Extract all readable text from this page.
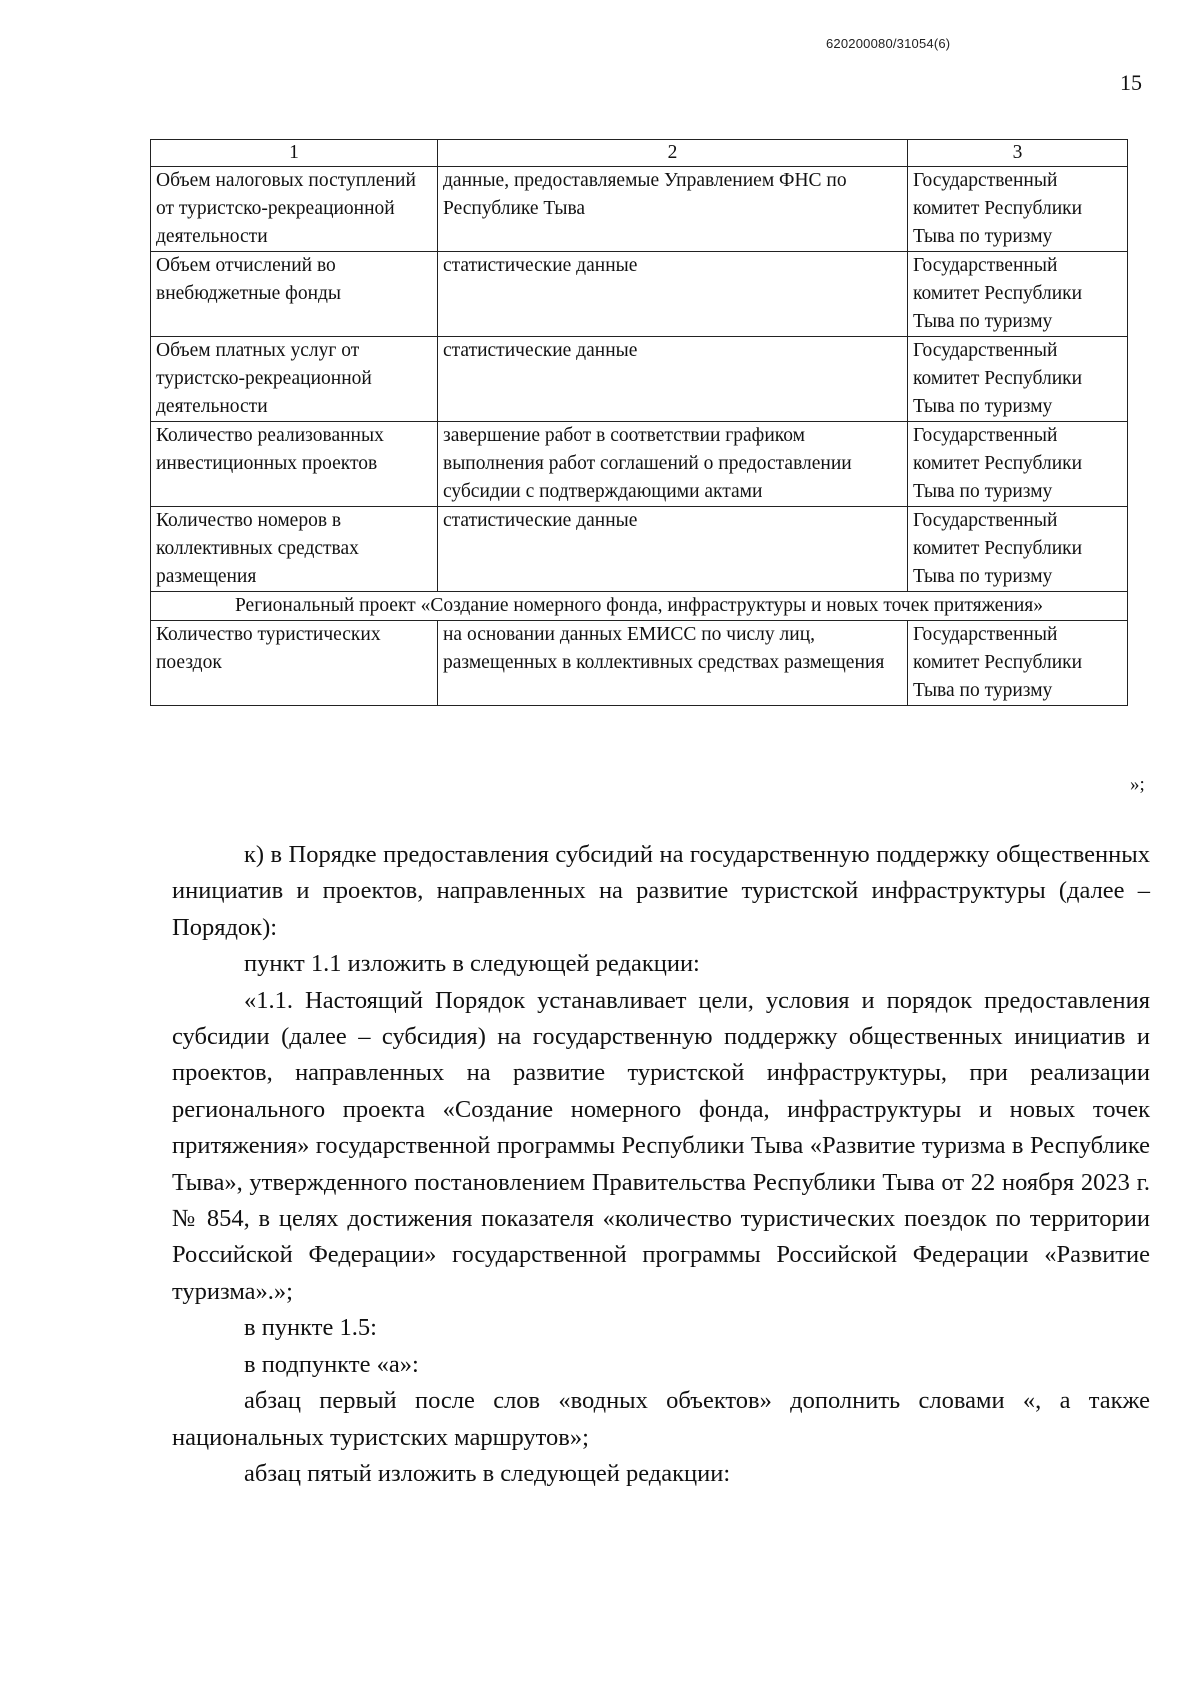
620200080/31054(6)
15
1	2	3
Объем налоговых поступлений от туристско-рекреационной деятельности	данные, предоставляемые Управлением ФНС по Республике Тыва	Государственный комитет Республики Тыва по туризму
Объем отчислений во внебюджетные фонды	статистические данные	Государственный комитет Республики Тыва по туризму
Объем платных услуг от туристско-рекреационной деятельности	статистические данные	Государственный комитет Республики Тыва по туризму
Количество реализованных инвестиционных проектов	завершение работ в соответствии графиком выполнения работ соглашений о предоставлении субсидии с подтверждающими актами	Государственный комитет Республики Тыва по туризму
Количество номеров в коллективных средствах размещения	статистические данные	Государственный комитет Республики Тыва по туризму
Региональный проект «Создание номерного фонда, инфраструктуры и новых точек притяжения»		
Количество туристических поездок	на основании данных ЕМИСС по числу лиц, размещенных в коллективных средствах размещения	Государственный комитет Республики Тыва по туризму
»;

к) в Порядке предоставления субсидий на государственную поддержку общественных инициатив и проектов, направленных на развитие туристской инфраструктуры (далее – Порядок):

пункт 1.1 изложить в следующей редакции:

«1.1. Настоящий Порядок устанавливает цели, условия и порядок предоставления субсидии (далее – субсидия) на государственную поддержку общественных инициатив и проектов, направленных на развитие туристской инфраструктуры, при реализации регионального проекта «Создание номерного фонда, инфраструктуры и новых точек притяжения» государственной программы Республики Тыва «Развитие туризма в Республике Тыва», утвержденного постановлением Правительства Республики Тыва от 22 ноября 2023 г. № 854, в целях достижения показателя «количество туристических поездок по территории Российской Федерации» государственной программы Российской Федерации «Развитие туризма».»;

в пункте 1.5:

в подпункте «а»:

абзац первый после слов «водных объектов» дополнить словами «, а также национальных туристских маршрутов»;

абзац пятый изложить в следующей редакции:
